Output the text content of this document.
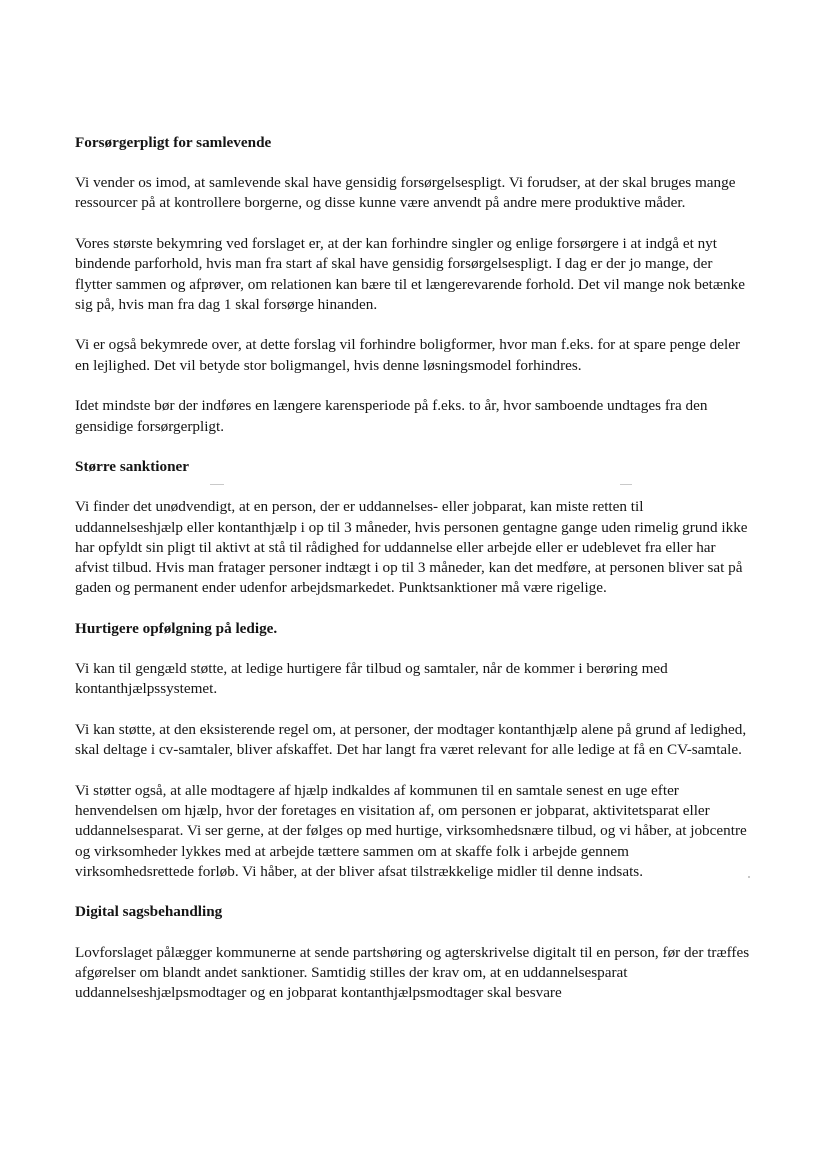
Forsørgerpligt for samlevende
Vi vender os imod, at samlevende skal have gensidig forsørgelsespligt. Vi forudser, at der skal bruges mange ressourcer på at kontrollere borgerne, og disse kunne være anvendt på andre mere produktive måder.
Vores største bekymring ved forslaget er, at der kan forhindre singler og enlige forsørgere i at indgå et nyt bindende parforhold, hvis man fra start af skal have gensidig forsørgelsespligt. I dag er der jo mange, der flytter sammen og afprøver, om relationen kan bære til et længerevarende forhold. Det vil mange nok betænke sig på, hvis man fra dag 1 skal forsørge hinanden.
Vi er også bekymrede over, at dette forslag vil forhindre boligformer, hvor man f.eks. for at spare penge deler en lejlighed. Det vil betyde stor boligmangel, hvis denne løsningsmodel forhindres.
Idet mindste bør der indføres en længere karensperiode på f.eks. to år, hvor samboende undtages fra den gensidige forsørgerpligt.
Større sanktioner
Vi finder det unødvendigt, at en person, der er uddannelses- eller jobparat, kan miste retten til uddannelseshjælp eller kontanthjælp i op til 3 måneder, hvis personen gentagne gange uden rimelig grund ikke har opfyldt sin pligt til aktivt at stå til rådighed for uddannelse eller arbejde eller er udeblevet fra eller har afvist tilbud. Hvis man fratager personer indtægt i op til 3 måneder, kan det medføre, at personen bliver sat på gaden og permanent ender udenfor arbejdsmarkedet. Punktsanktioner må være rigelige.
Hurtigere opfølgning på ledige.
Vi kan til gengæld støtte, at ledige hurtigere får tilbud og samtaler, når de kommer i berøring med kontanthjælpssystemet.
Vi kan støtte, at den eksisterende regel om, at personer, der modtager kontanthjælp alene på grund af ledighed, skal deltage i cv-samtaler, bliver afskaffet. Det har langt fra været relevant for alle ledige at få en CV-samtale.
Vi støtter også, at alle modtagere af hjælp indkaldes af kommunen til en samtale senest en uge efter henvendelsen om hjælp, hvor der foretages en visitation af, om personen er jobparat, aktivitetsparat eller uddannelsesparat. Vi ser gerne, at der følges op med hurtige, virksomhedsnære tilbud, og vi håber, at jobcentre og virksomheder lykkes med at arbejde tættere sammen om at skaffe folk i arbejde gennem virksomhedsrettede forløb. Vi håber, at der bliver afsat tilstrækkelige midler til denne indsats.
Digital sagsbehandling
Lovforslaget pålægger kommunerne at sende partshøring og agterskrivelse digitalt til en person, før der træffes afgørelser om blandt andet sanktioner. Samtidig stilles der krav om, at en uddannelsesparat uddannelseshjælpsmodtager og en jobparat kontanthjælpsmodtager skal besvare
